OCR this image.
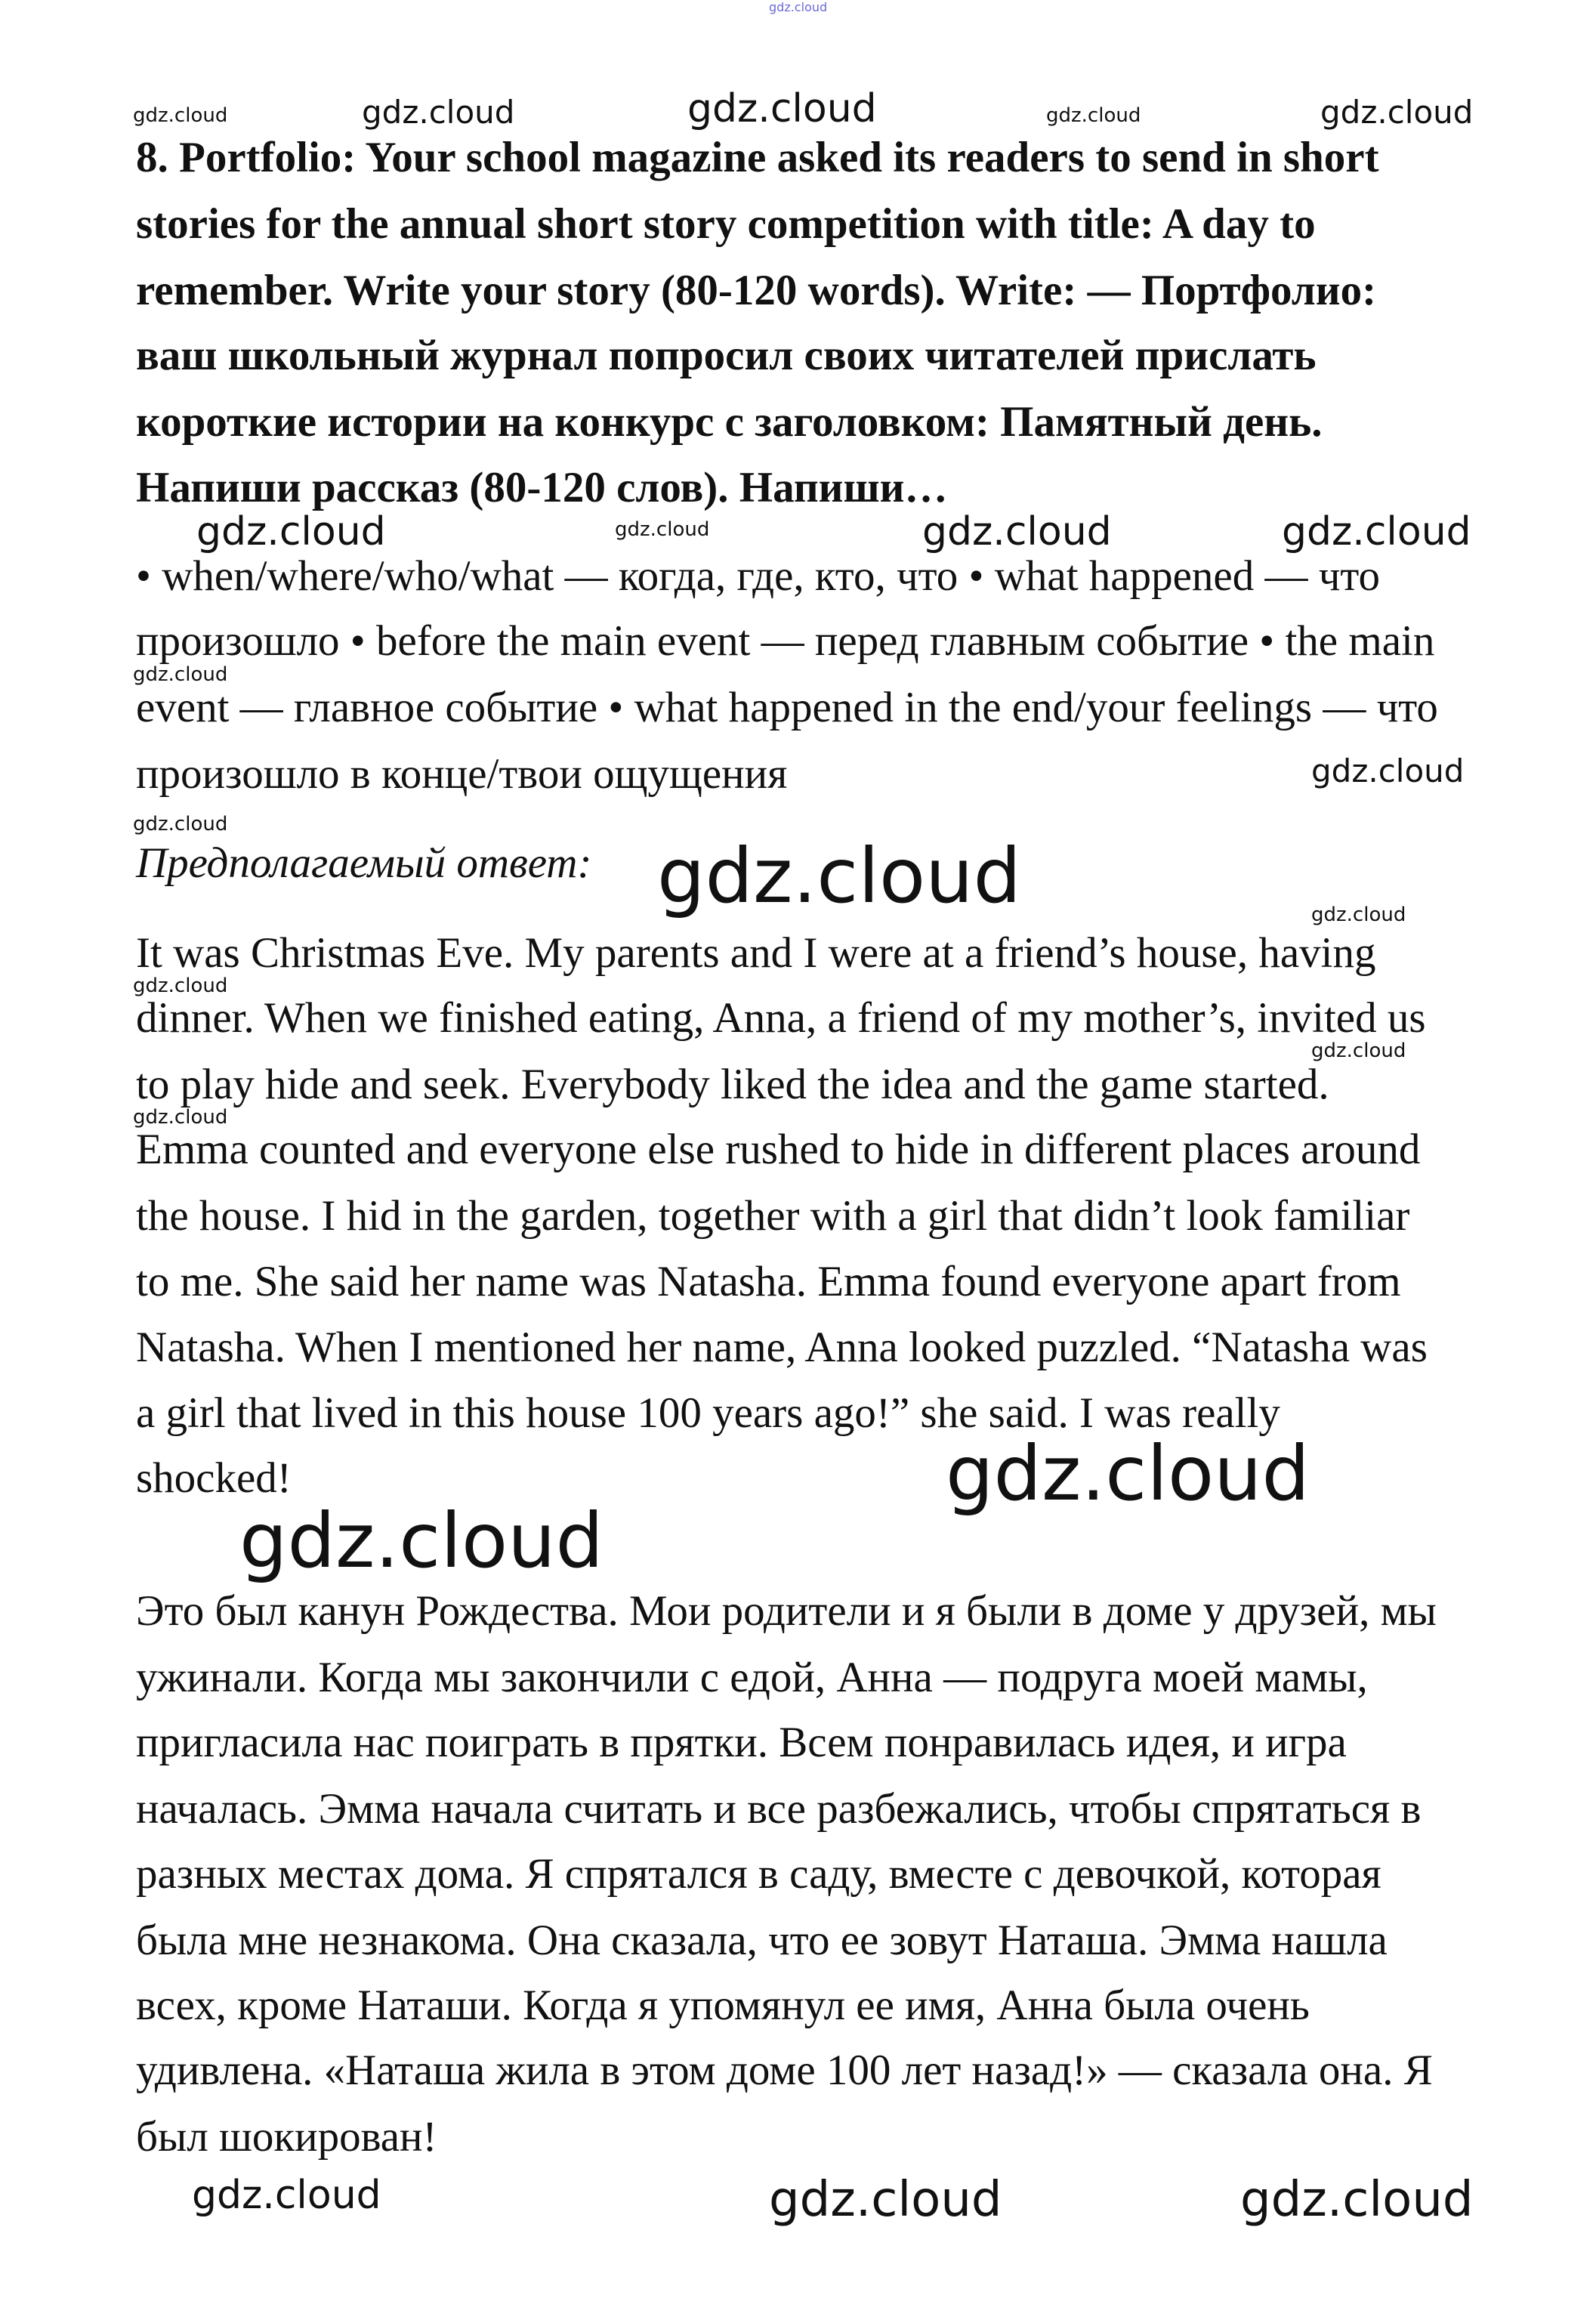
8. Portfolio: Your school magazine asked its readers to send in short
stories for the annual short story competition with title: A day to
remember. Write your story (80-120 words). Write: — Портфолио:
ваш школьный журнал попросил своих читателей прислать
короткие истории на конкурс с заголовком: Памятный день.
Напиши рассказ (80-120 слов). Напиши…
• when/where/who/what — когда, где, кто, что • what happened — что
произошло • before the main event — перед главным событие • the main
event — главное событие • what happened in the end/your feelings — что
произошло в конце/твои ощущения
Предполагаемый ответ:
It was Christmas Eve. My parents and I were at a friend’s house, having
dinner. When we finished eating, Anna, a friend of my mother’s, invited us
to play hide and seek. Everybody liked the idea and the game started.
Emma counted and everyone else rushed to hide in different places around
the house. I hid in the garden, together with a girl that didn’t look familiar
to me. She said her name was Natasha. Emma found everyone apart from
Natasha. When I mentioned her name, Anna looked puzzled. “Natasha was
a girl that lived in this house 100 years ago!” she said. I was really
shocked!
Это был канун Рождества. Мои родители и я были в доме у друзей, мы
ужинали. Когда мы закончили с едой, Анна — подруга моей мамы,
пригласила нас поиграть в прятки. Всем понравилась идея, и игра
началась. Эмма начала считать и все разбежались, чтобы спрятаться в
разных местах дома. Я спрятался в саду, вместе с девочкой, которая
была мне незнакома. Она сказала, что ее зовут Наташа. Эмма нашла
всех, кроме Наташи. Когда я упомянул ее имя, Анна была очень
удивлена. «Наташа жила в этом доме 100 лет назад!» — сказала она. Я
был шокирован!
gdz.cloud
gdz.cloud	gdz.cloud	gdz.cloud	gdz.cloud	gdz.cloud
gdz.cloud	gdz.cloud	gdz.cloud	gdz.cloud
gdz.cloud
gdz.cloud
gdz.cloud
gdz.cloud	gdz.cloud
gdz.cloud
gdz.cloud
gdz.cloud
gdz.cloud
gdz.cloud
gdz.cloud	gdz.cloud	gdz.cloud
